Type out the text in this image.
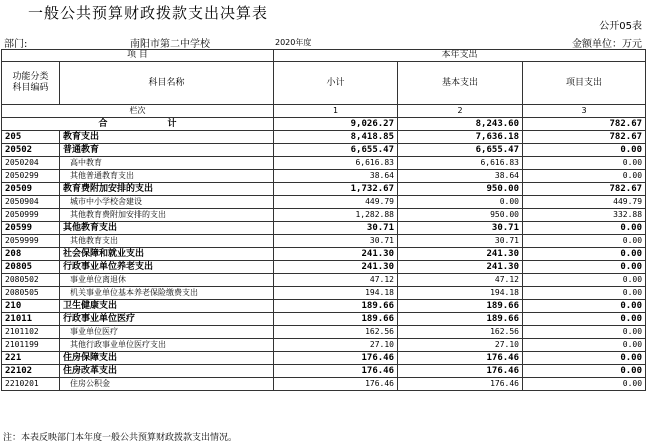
一般公共预算财政拨款支出决算表
公开05表
部门:	南阳市第二中学校	2020年度	金额单位：万元
项 目		本年支出		
功能分类
科目编码	科目名称	小计	基本支出	项目支出
栏次		1	2	3
合 计		9,026.27	8,243.60	782.67
205	教育支出	8,418.85	7,636.18	782.67
20502	普通教育	6,655.47	6,655.47	0.00
2050204	高中教育	6,616.83	6,616.83	0.00
2050299	其他普通教育支出	38.64	38.64	0.00
20509	教育费附加安排的支出	1,732.67	950.00	782.67
2050904	城市中小学校舍建设	449.79	0.00	449.79
2050999	其他教育费附加安排的支出	1,282.88	950.00	332.88
20599	其他教育支出	30.71	30.71	0.00
2059999	其他教育支出	30.71	30.71	0.00
208	社会保障和就业支出	241.30	241.30	0.00
20805	行政事业单位养老支出	241.30	241.30	0.00
2080502	事业单位离退休	47.12	47.12	0.00
2080505	机关事业单位基本养老保险缴费支出	194.18	194.18	0.00
210	卫生健康支出	189.66	189.66	0.00
21011	行政事业单位医疗	189.66	189.66	0.00
2101102	事业单位医疗	162.56	162.56	0.00
2101199	其他行政事业单位医疗支出	27.10	27.10	0.00
221	住房保障支出	176.46	176.46	0.00
22102	住房改革支出	176.46	176.46	0.00
2210201	住房公积金	176.46	176.46	0.00
注：本表反映部门本年度一般公共预算财政拨款支出情况。
